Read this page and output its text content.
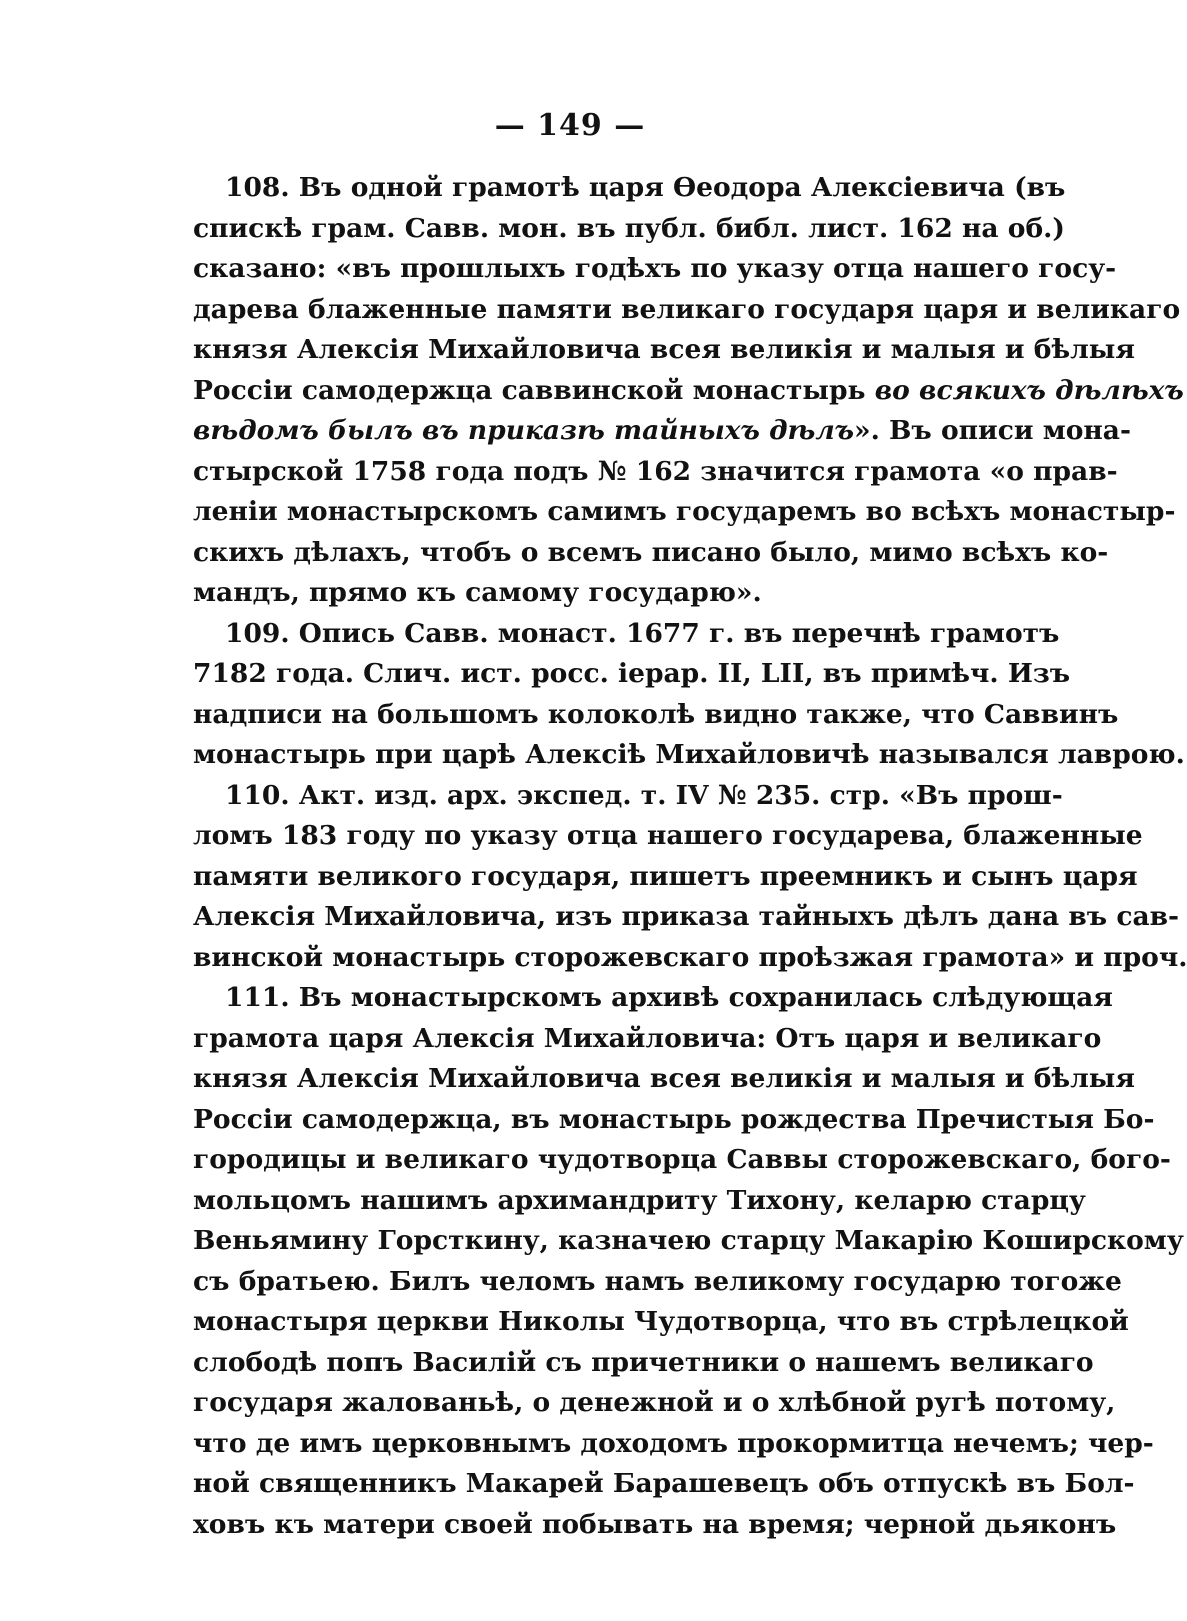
— 149 —
108. Въ одной грамотѣ царя Өеодора Алексіевича (въ
спискѣ грам. Савв. мон. въ публ. библ. лист. 162 на об.)
сказано: «въ прошлыхъ годѣхъ по указу отца нашего госу-
дарева блаженные памяти великаго государя царя и великаго
князя Алексія Михайловича всея великія и малыя и бѣлыя
Россіи самодержца саввинской монастырь во всякихъ дѣлѣхъ
вѣдомъ былъ въ приказѣ тайныхъ дѣлъ». Въ описи мона-
стырской 1758 года подъ № 162 значится грамота «о прав-
леніи монастырскомъ самимъ государемъ во всѣхъ монастыр-
скихъ дѣлахъ, чтобъ о всемъ писано было, мимо всѣхъ ко-
мандъ, прямо къ самому государю».
109. Опись Савв. монаст. 1677 г. въ перечнѣ грамотъ
7182 года. Слич. ист. росс. іерар. II, LII, въ примѣч. Изъ
надписи на большомъ колоколѣ видно также, что Саввинъ
монастырь при царѣ Алексіѣ Михайловичѣ назывался лаврою.
110. Акт. изд. арх. экспед. т. IV № 235. стр. «Въ прош-
ломъ 183 году по указу отца нашего государева, блаженные
памяти великого государя, пишетъ преемникъ и сынъ царя
Алексія Михайловича, изъ приказа тайныхъ дѣлъ дана въ сав-
винской монастырь сторожевскаго проѣзжая грамота» и проч.
111. Въ монастырскомъ архивѣ сохранилась слѣдующая
грамота царя Алексія Михайловича: Отъ царя и великаго
князя Алексія Михайловича всея великія и малыя и бѣлыя
Россіи самодержца, въ монастырь рождества Пречистыя Бо-
городицы и великаго чудотворца Саввы сторожевскаго, бого-
мольцомъ нашимъ архимандриту Тихону, келарю старцу
Веньямину Горсткину, казначею старцу Макарію Коширскому
съ братьею. Билъ челомъ намъ великому государю тогоже
монастыря церкви Николы Чудотворца, что въ стрѣлецкой
слободѣ попъ Василій съ причетники о нашемъ великаго
государя жалованьѣ, о денежной и о хлѣбной ругѣ потому,
что де имъ церковнымъ доходомъ прокормитца нечемъ; чер-
ной священникъ Макарей Барашевецъ объ отпускѣ въ Бол-
ховъ къ матери своей побывать на время; черной дьяконъ
